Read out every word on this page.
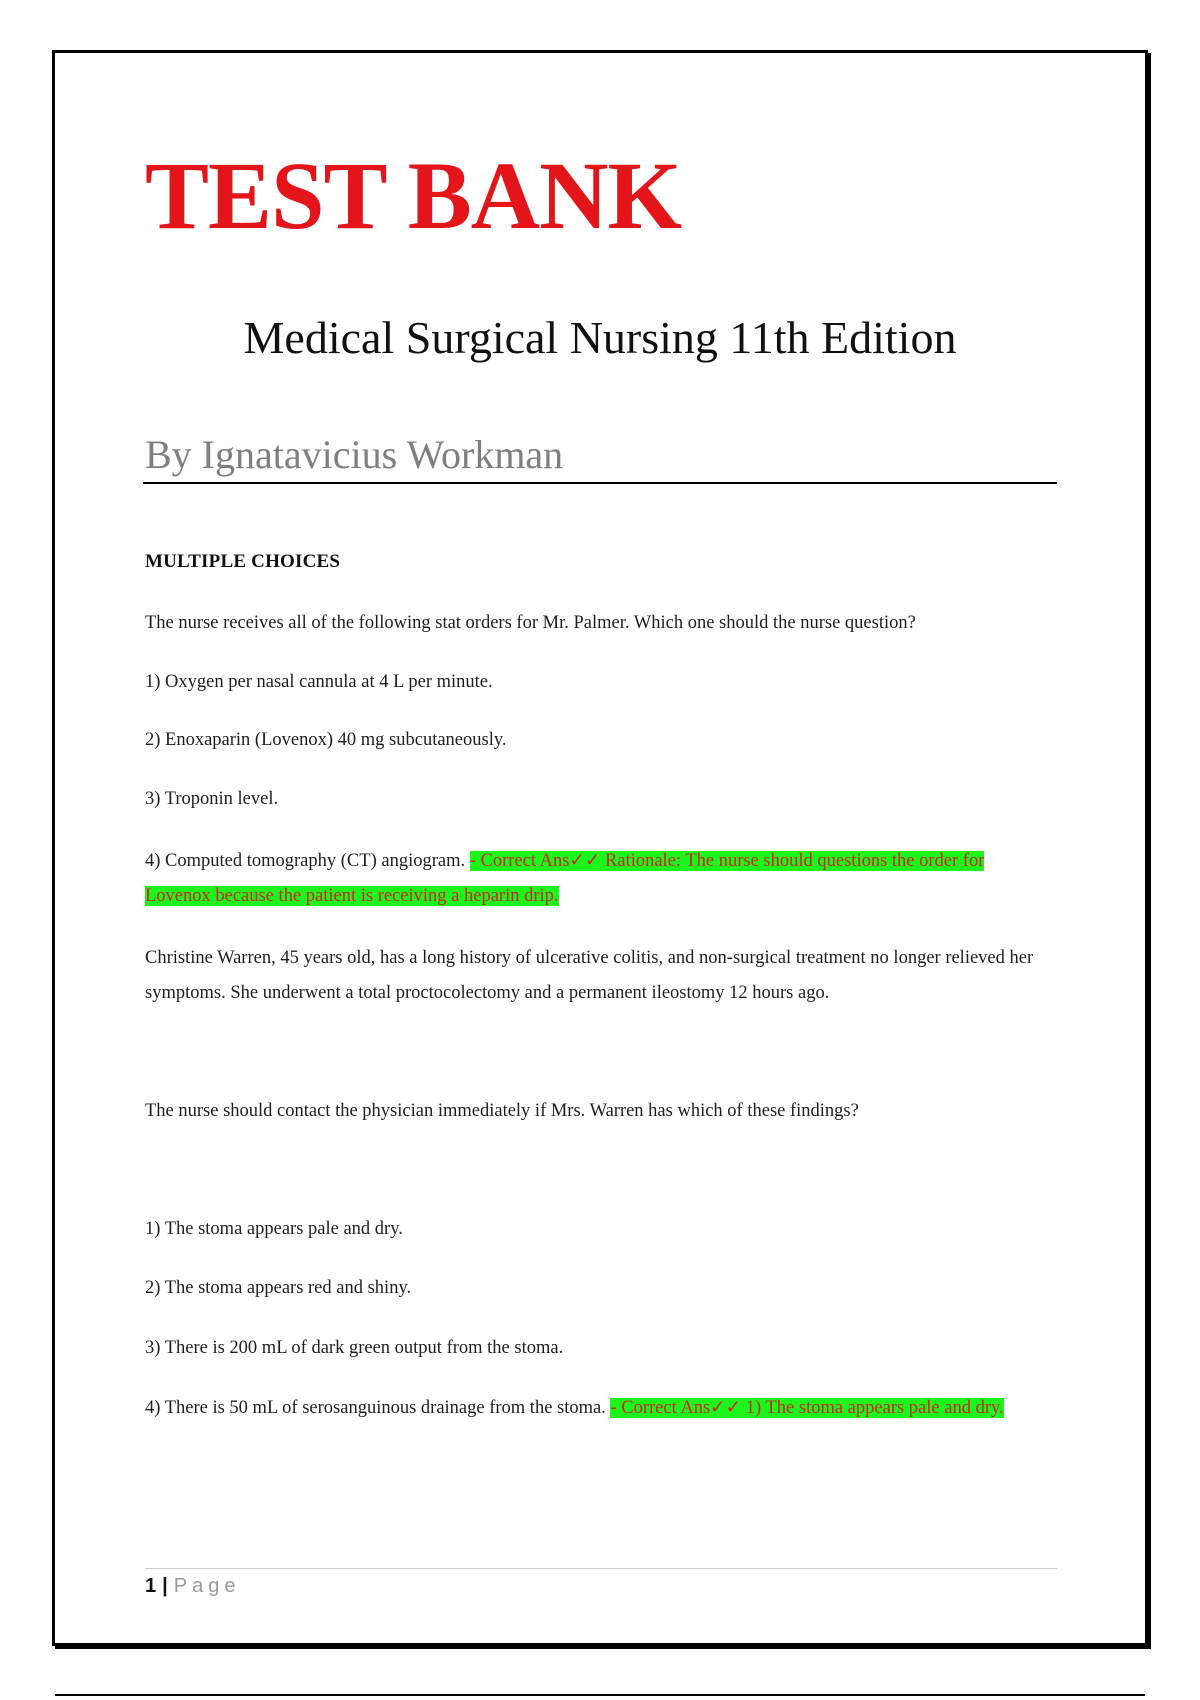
TEST BANK
Medical Surgical Nursing 11th Edition
By Ignatavicius Workman
MULTIPLE CHOICES

The nurse receives all of the following stat orders for Mr. Palmer. Which one should the nurse question?

1) Oxygen per nasal cannula at 4 L per minute.

2) Enoxaparin (Lovenox) 40 mg subcutaneously.

3) Troponin level.

4) Computed tomography (CT) angiogram. - Correct Ans✓✓ Rationale: The nurse should questions the order for Lovenox because the patient is receiving a heparin drip.

Christine Warren, 45 years old, has a long history of ulcerative colitis, and non-surgical treatment no longer relieved her symptoms. She underwent a total proctocolectomy and a permanent ileostomy 12 hours ago.

The nurse should contact the physician immediately if Mrs. Warren has which of these findings?

1) The stoma appears pale and dry.

2) The stoma appears red and shiny.

3) There is 200 mL of dark green output from the stoma.

4) There is 50 mL of serosanguinous drainage from the stoma. - Correct Ans✓✓ 1) The stoma appears pale and dry.

1 | Page
